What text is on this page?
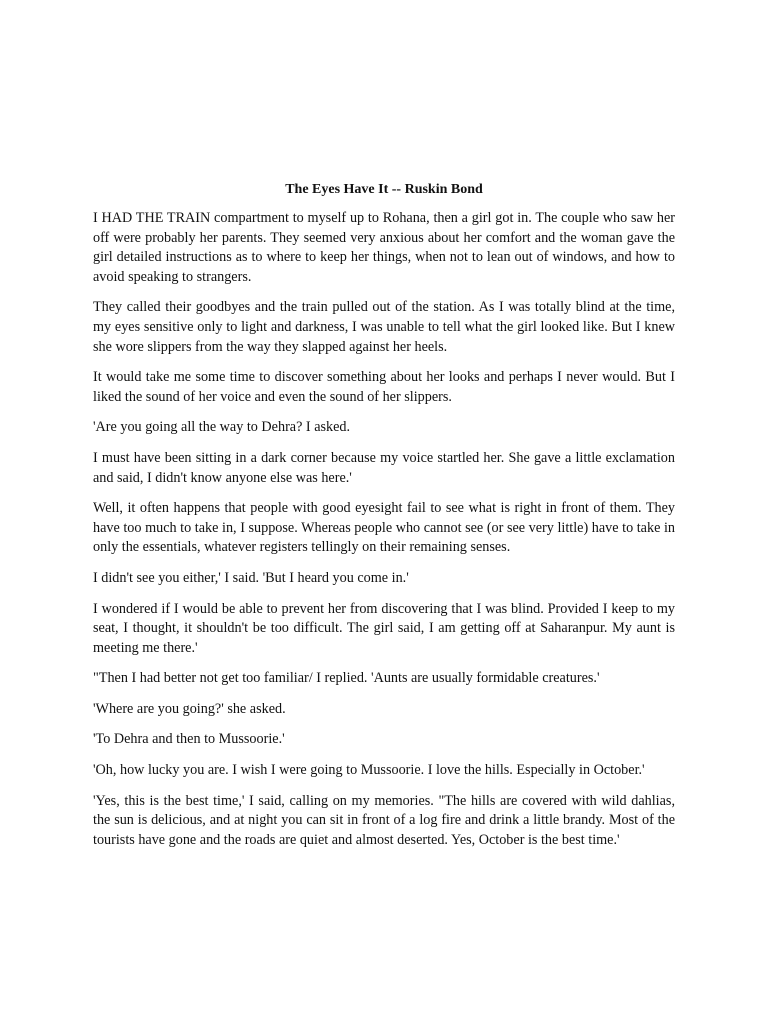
The Eyes Have It -- Ruskin Bond

I HAD THE TRAIN compartment to myself up to Rohana, then a girl got in. The couple who saw her off were probably her parents. They seemed very anxious about her comfort and the woman gave the girl detailed instructions as to where to keep her things, when not to lean out of windows, and how to avoid speaking to strangers.

They called their goodbyes and the train pulled out of the station. As I was totally blind at the time, my eyes sensitive only to light and darkness, I was unable to tell what the girl looked like. But I knew she wore slippers from the way they slapped against her heels.

It would take me some time to discover something about her looks and perhaps I never would. But I liked the sound of her voice and even the sound of her slippers.

'Are you going all the way to Dehra? I asked.

I must have been sitting in a dark corner because my voice startled her. She gave a little exclamation and said, I didn't know anyone else was here.'

Well, it often happens that people with good eyesight fail to see what is right in front of them. They have too much to take in, I suppose. Whereas people who cannot see (or see very little) have to take in only the essentials, whatever registers tellingly on their remaining senses.

I didn't see you either,' I said. 'But I heard you come in.'

I wondered if I would be able to prevent her from discovering that I was blind. Provided I keep to my seat, I thought, it shouldn't be too difficult. The girl said, I am getting off at Saharanpur. My aunt is meeting me there.'

"Then I had better not get too familiar/ I replied. 'Aunts are usually formidable creatures.'

'Where are you going?' she asked.

'To Dehra and then to Mussoorie.'

'Oh, how lucky you are. I wish I were going to Mussoorie. I love the hills. Especially in October.'

'Yes, this is the best time,' I said, calling on my memories. "The hills are covered with wild dahlias, the sun is delicious, and at night you can sit in front of a log fire and drink a little brandy. Most of the tourists have gone and the roads are quiet and almost deserted. Yes, October is the best time.'
